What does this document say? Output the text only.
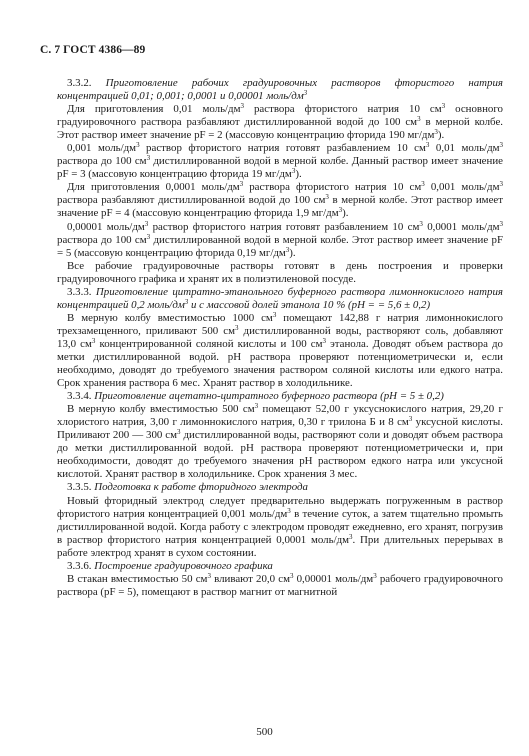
С. 7 ГОСТ 4386—89

3.3.2. Приготовление рабочих градуировочных растворов фтористого натрия концентрацией 0,01; 0,001; 0,0001 и 0,00001 моль/$дм^3$

Для приготовления 0,01 моль/$дм^3$ раствора фтористого натрия 10 $см^3$ основного градуировочного раствора разбавляют дистиллированной водой до 100 $см^3$ в мерной колбе. Этот раствор имеет значение pF = 2 (массовую концентрацию фторида 190 $мг/дм^3$).

0,001 моль/$дм^3$ раствор фтористого натрия готовят разбавлением 10 $см^3$ 0,01 моль/$дм^3$ раствора до 100 $см^3$ дистиллированной водой в мерной колбе. Данный раствор имеет значение pF = 3 (массовую концентрацию фторида 19 $мг/дм^3$).

Для приготовления 0,0001 моль/$дм^3$ раствора фтористого натрия 10 $см^3$ 0,001 моль/$дм^3$ раствора разбавляют дистиллированной водой до 100 $см^3$ в мерной колбе. Этот раствор имеет значение pF = 4 (массовую концентрацию фторида 1,9 $мг/дм^3$).

0,00001 моль/$дм^3$ раствор фтористого натрия готовят разбавлением 10 $см^3$ 0,0001 моль/$дм^3$ раствора до 100 $см^3$ дистиллированной водой в мерной колбе. Этот раствор имеет значение pF = 5 (массовую концентрацию фторида 0,19 $мг/дм^3$).

Все рабочие градуировочные растворы готовят в день построения и проверки градуировочного графика и хранят их в полиэтиленовой посуде.

3.3.3. Приготовление цитратно-этанольного буферного раствора лимоннокислого натрия концентрацией 0,2 моль/$дм^3$ и с массовой долей этанола 10 % (pH = = 5,6 ± 0,2)

В мерную колбу вместимостью 1000 $см^3$ помещают 142,88 г натрия лимоннокислого трехзамещенного, приливают 500 $см^3$ дистиллированной воды, растворяют соль, добавляют 13,0 $см^3$ концентрированной соляной кислоты и 100 $см^3$ этанола. Доводят объем раствора до метки дистиллированной водой. pH раствора проверяют потенциометрически и, если необходимо, доводят до требуемого значения раствором соляной кислоты или едкого натра. Срок хранения раствора 6 мес. Хранят раствор в холодильнике.

3.3.4. Приготовление ацетатно-цитратного буферного раствора (pH = 5 ± 0,2)

В мерную колбу вместимостью 500 $см^3$ помещают 52,00 г уксуснокислого натрия, 29,20 г хлористого натрия, 3,00 г лимоннокислого натрия, 0,30 г трилона Б и 8 $см^3$ уксусной кислоты. Приливают 200 — 300 $см^3$ дистиллированной воды, растворяют соли и доводят объем раствора до метки дистиллированной водой. pH раствора проверяют потенциометрически и, при необходимости, доводят до требуемого значения pH раствором едкого натра или уксусной кислотой. Хранят раствор в холодильнике. Срок хранения 3 мес.

3.3.5. Подготовка к работе фторидного электрода

Новый фторидный электрод следует предварительно выдержать погруженным в раствор фтористого натрия концентрацией 0,001 моль/$дм^3$ в течение суток, а затем тщательно промыть дистиллированной водой. Когда работу с электродом проводят ежедневно, его хранят, погрузив в раствор фтористого натрия концентрацией 0,0001 моль/$дм^3$. При длительных перерывах в работе электрод хранят в сухом состоянии.

3.3.6. Построение градуировочного графика

В стакан вместимостью 50 $см^3$ вливают 20,0 $см^3$ 0,00001 моль/$дм^3$ рабочего градуировочного раствора (pF = 5), помещают в раствор магнит от магнитной

500
